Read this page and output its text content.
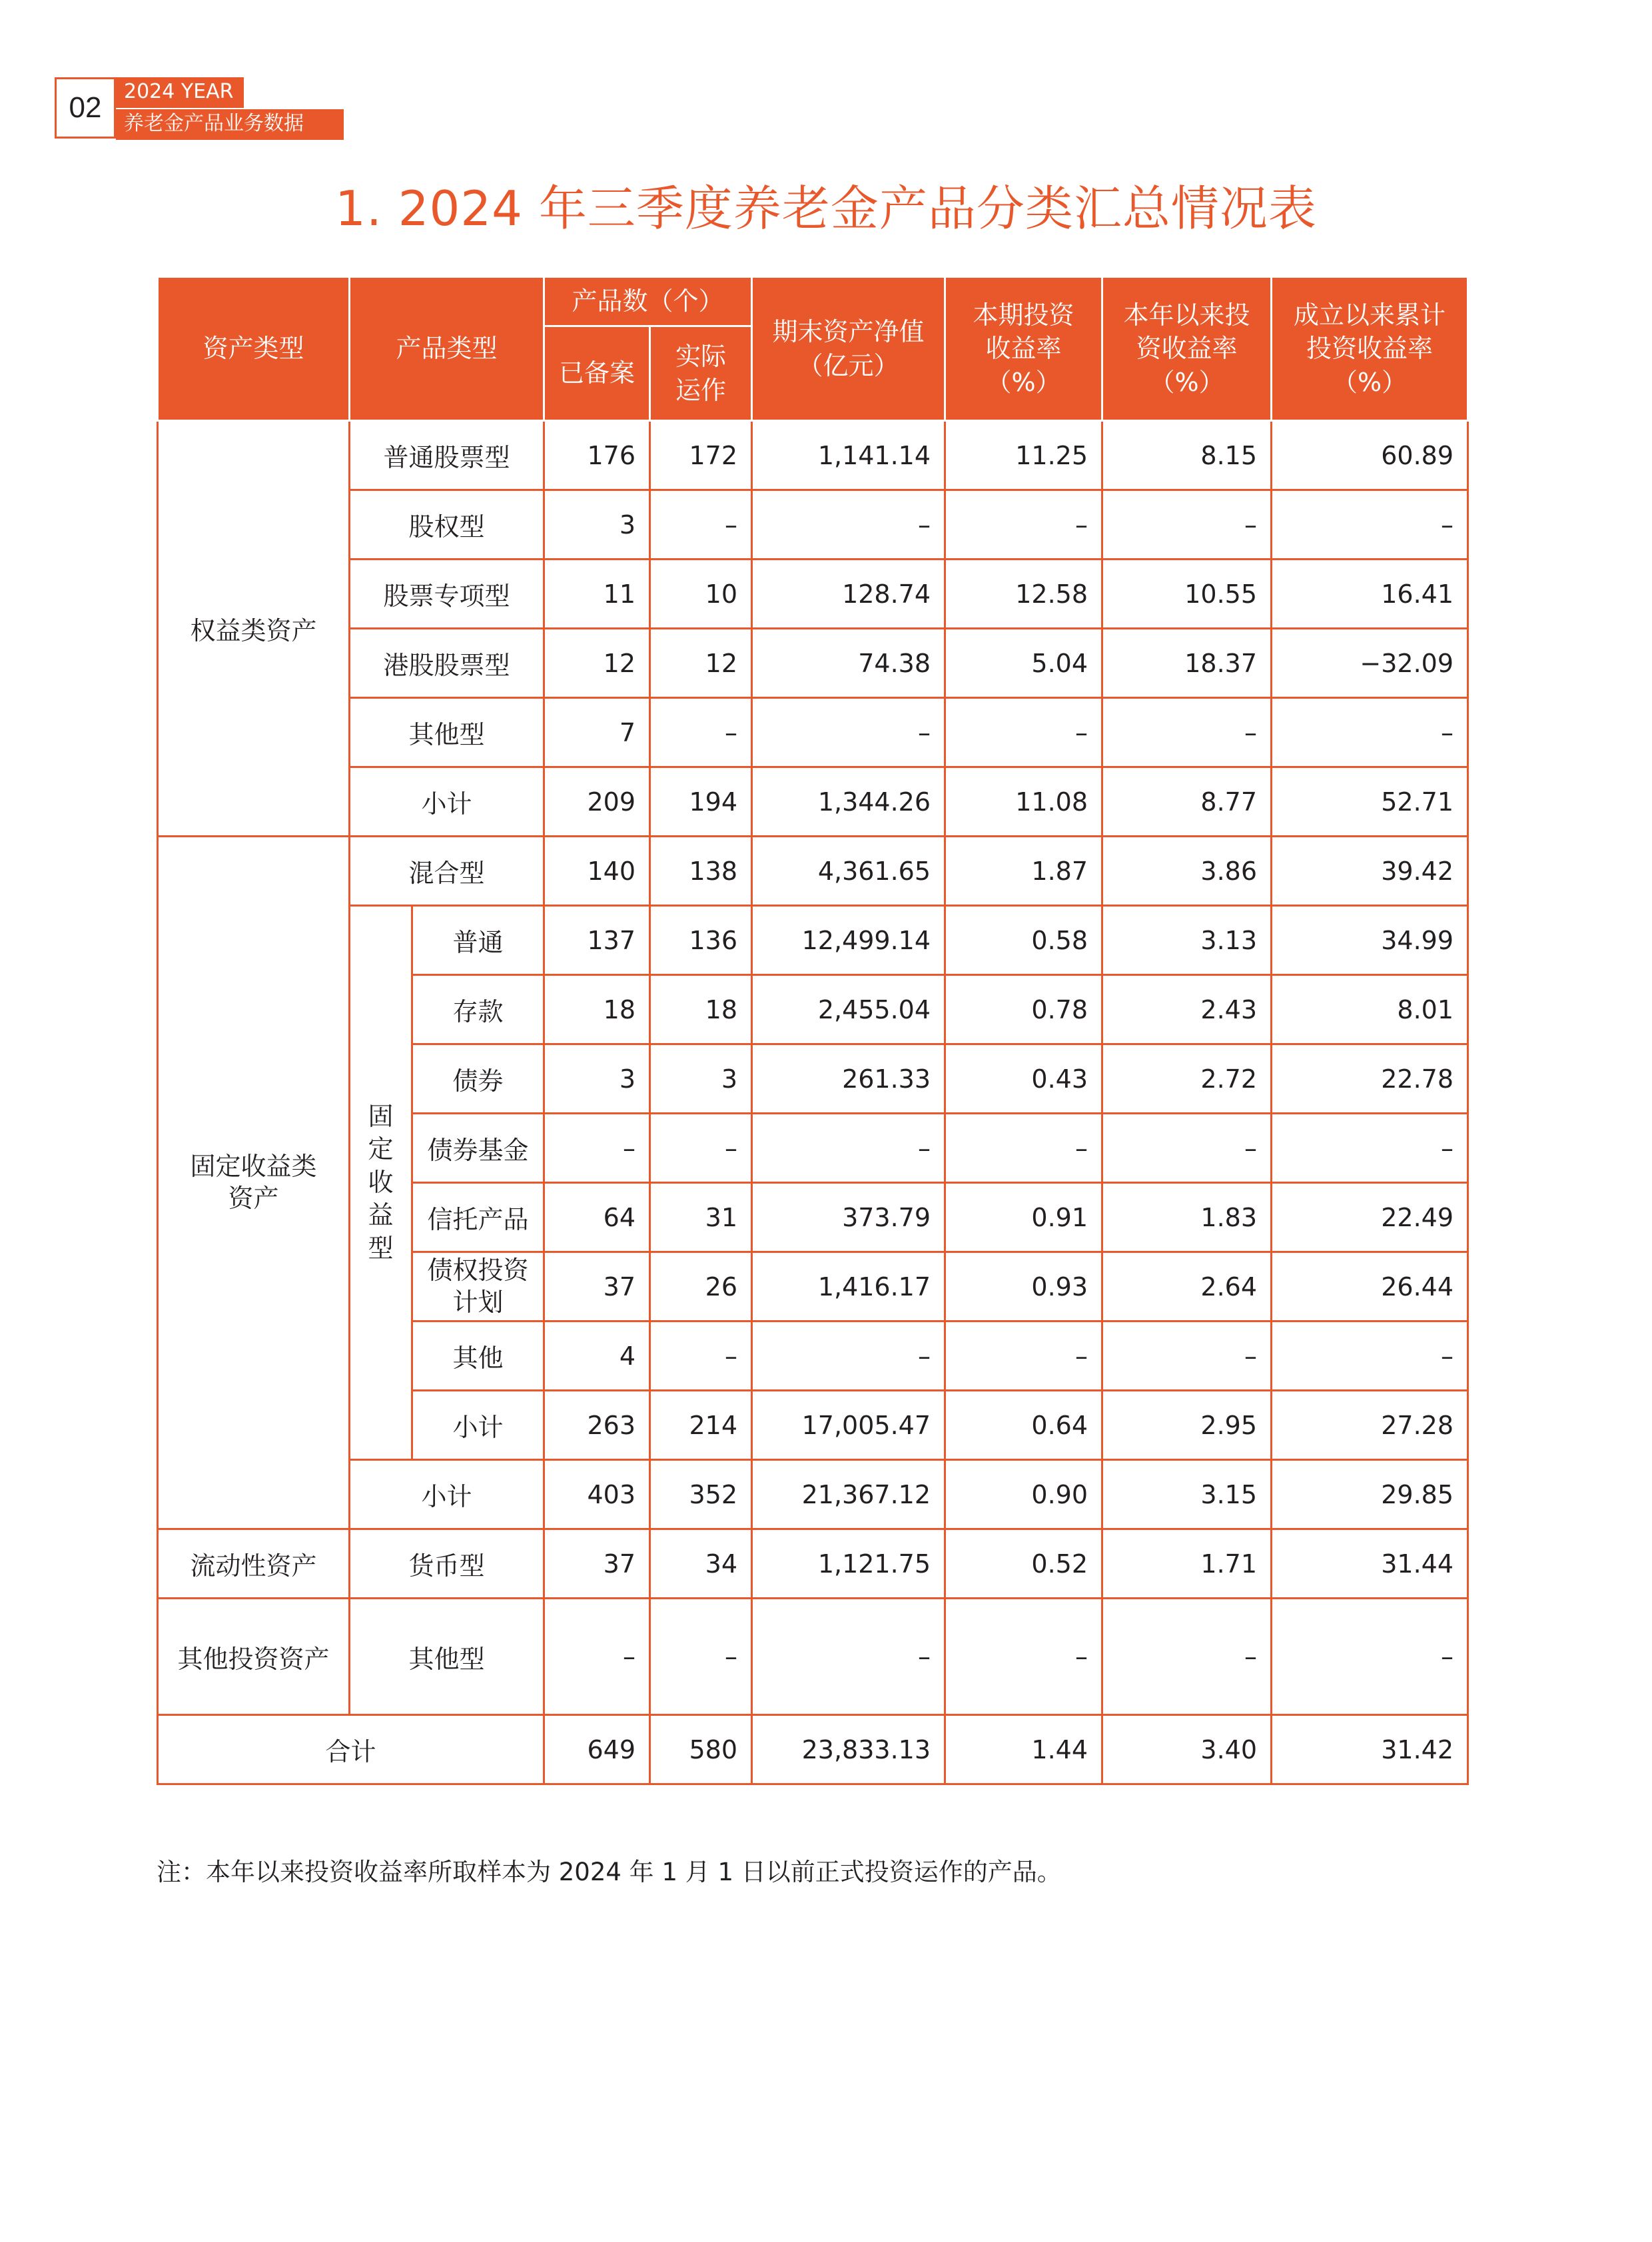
02	2024 YEAR
养老金产品业务数据
1. 2024 年三季度养老金产品分类汇总情况表
资产类型	产品类型		产品数（个）		期末资产净值（亿元）	本期投资收益率（%）	本年以来投资收益率（%）	成立以来累计投资收益率（%）
			已备案	实际运作				
权益类资产	普通股票型		176	172	1,141.14	11.25	8.15	60.89
	股权型		3	–	–	–	–	–
	股票专项型		11	10	128.74	12.58	10.55	16.41
	港股股票型		12	12	74.38	5.04	18.37	−32.09
	其他型		7	–	–	–	–	–
	小计		209	194	1,344.26	11.08	8.77	52.71
固定收益类资产	混合型		140	138	4,361.65	1.87	3.86	39.42
	固定收益型	普通	137	136	12,499.14	0.58	3.13	34.99
		存款	18	18	2,455.04	0.78	2.43	8.01
		债券	3	3	261.33	0.43	2.72	22.78
		债券基金	–	–	–	–	–	–
		信托产品	64	31	373.79	0.91	1.83	22.49
		债权投资计划	37	26	1,416.17	0.93	2.64	26.44
		其他	4	–	–	–	–	–
		小计	263	214	17,005.47	0.64	2.95	27.28
	小计		403	352	21,367.12	0.90	3.15	29.85
流动性资产	货币型		37	34	1,121.75	0.52	1.71	31.44
其他投资资产	其他型		–	–	–	–	–	–
合计			649	580	23,833.13	1.44	3.40	31.42
注：本年以来投资收益率所取样本为 2024 年 1 月 1 日以前正式投资运作的产品。
